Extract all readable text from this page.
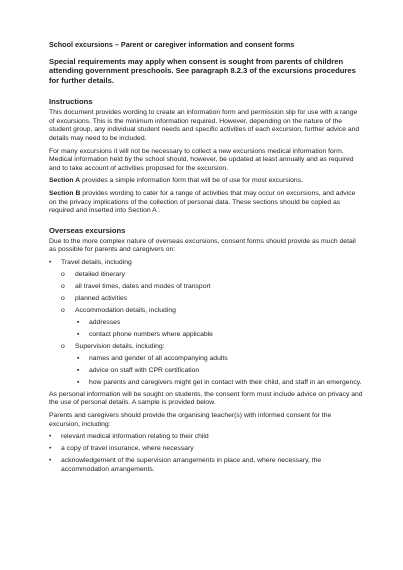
School excursions – Parent or caregiver information and consent forms

Special requirements may apply when consent is sought from parents of children attending government preschools. See paragraph 8.2.3 of the excursions procedures for further details.

Instructions

This document provides wording to create an information form and permission slip for use with a range of excursions. This is the minimum information required. However, depending on the nature of the student group, any individual student needs and specific activities of each excursion, further advice and details may need to be included.

For many excursions it will not be necessary to collect a new excursions medical information form. Medical information held by the school should, however, be updated at least annually and as required and to take account of activities proposed for the excursion.

Section A provides a simple information form that will be of use for most excursions.

Section B provides wording to cater for a range of activities that may occur on excursions, and advice on the privacy implications of the collection of personal data. These sections should be copied as required and inserted into Section A .

Overseas excursions

Due to the more complex nature of overseas excursions, consent forms should provide as much detail as possible for parents and caregivers on:

• Travel details, including
o detailed itinerary
o all travel times, dates and modes of transport
o planned activities
o Accommodation details, including
▪ addresses
▪ contact phone numbers where applicable
o Supervision details, including:
▪ names and gender of all accompanying adults
▪ advice on staff with CPR certification
▪ how parents and caregivers might get in contact with their child, and staff in an emergency.

As personal information will be sought on students, the consent form must include advice on privacy and the use of personal details. A sample is provided below.

Parents and caregivers should provide the organising teacher(s) with informed consent for the excursion, including:

• relevant medical information relating to their child
• a copy of travel insurance, where necessary
• acknowledgement of the supervision arrangements in place and, where necessary, the accommodation arrangements.
